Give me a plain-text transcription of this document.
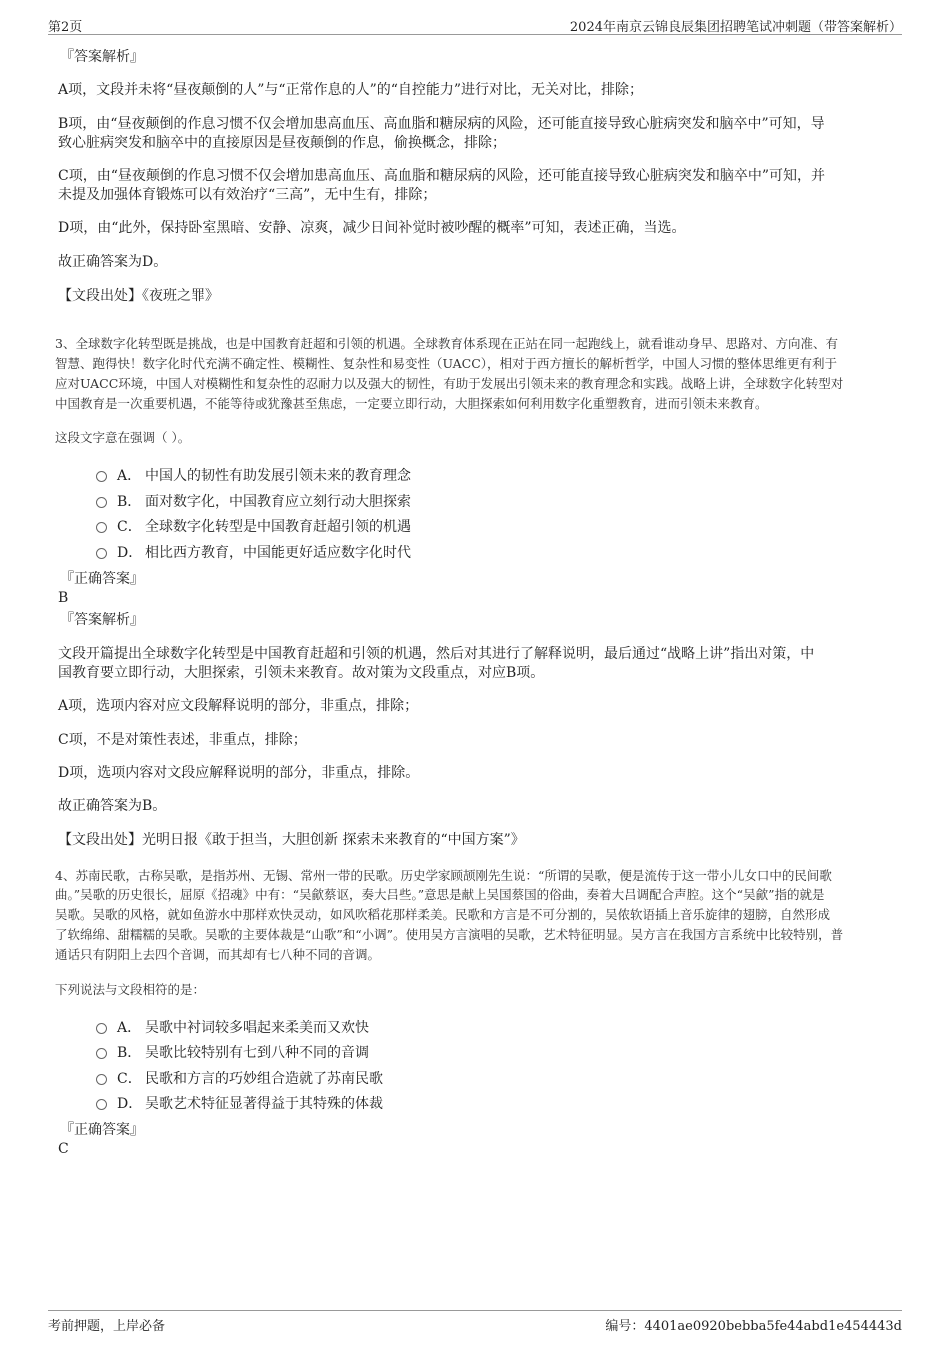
第2页	2024年南京云锦良辰集团招聘笔试冲刺题（带答案解析）
『答案解析』
A项，文段并未将“昼夜颠倒的人”与“正常作息的人”的“自控能力”进行对比，无关对比，排除；
B项，由“昼夜颠倒的作息习惯不仅会增加患高血压、高血脂和糖尿病的风险，还可能直接导致心脏病突发和脑卒中”可知，导
致心脏病突发和脑卒中的直接原因是昼夜颠倒的作息，偷换概念，排除；
C项，由“昼夜颠倒的作息习惯不仅会增加患高血压、高血脂和糖尿病的风险，还可能直接导致心脏病突发和脑卒中”可知，并
未提及加强体育锻炼可以有效治疗“三高”，无中生有，排除；
D项，由“此外，保持卧室黑暗、安静、凉爽，减少日间补觉时被吵醒的概率”可知，表述正确，当选。
故正确答案为D。
【文段出处】《夜班之罪》
3、全球数字化转型既是挑战，也是中国教育赶超和引领的机遇。全球教育体系现在正站在同一起跑线上，就看谁动身早、思路对、方向准、有
智慧、跑得快！数字化时代充满不确定性、模糊性、复杂性和易变性（UACC），相对于西方擅长的解析哲学，中国人习惯的整体思维更有利于
应对UACC环境，中国人对模糊性和复杂性的忍耐力以及强大的韧性，有助于发展出引领未来的教育理念和实践。战略上讲，全球数字化转型对
中国教育是一次重要机遇，不能等待或犹豫甚至焦虑，一定要立即行动，大胆探索如何利用数字化重塑教育，进而引领未来教育。
这段文字意在强调（ ）。
A． 中国人的韧性有助发展引领未来的教育理念
B． 面对数字化，中国教育应立刻行动大胆探索
C． 全球数字化转型是中国教育赶超引领的机遇
D． 相比西方教育，中国能更好适应数字化时代
『正确答案』
B
『答案解析』
文段开篇提出全球数字化转型是中国教育赶超和引领的机遇，然后对其进行了解释说明，最后通过“战略上讲”指出对策，中
国教育要立即行动，大胆探索，引领未来教育。故对策为文段重点，对应B项。
A项，选项内容对应文段解释说明的部分，非重点，排除；
C项，不是对策性表述，非重点，排除；
D项，选项内容对文段应解释说明的部分，非重点，排除。
故正确答案为B。
【文段出处】光明日报《敢于担当，大胆创新 探索未来教育的“中国方案”》
4、苏南民歌，古称吴歌，是指苏州、无锡、常州一带的民歌。历史学家顾颉刚先生说：“所谓的吴歌，便是流传于这一带小儿女口中的民间歌
曲。”吴歌的历史很长，屈原《招魂》中有：“吴歈蔡讴，奏大吕些。”意思是献上吴国蔡国的俗曲，奏着大吕调配合声腔。这个“吴歈”指的就是
吴歌。吴歌的风格，就如鱼游水中那样欢快灵动，如风吹稻花那样柔美。民歌和方言是不可分割的，吴侬软语插上音乐旋律的翅膀，自然形成
了软绵绵、甜糯糯的吴歌。吴歌的主要体裁是“山歌”和“小调”。使用吴方言演唱的吴歌，艺术特征明显。吴方言在我国方言系统中比较特别，普
通话只有阴阳上去四个音调，而其却有七八种不同的音调。
下列说法与文段相符的是：
A． 吴歌中衬词较多唱起来柔美而又欢快
B． 吴歌比较特别有七到八种不同的音调
C． 民歌和方言的巧妙组合造就了苏南民歌
D． 吴歌艺术特征显著得益于其特殊的体裁
『正确答案』
C
考前押题，上岸必备	编号：4401ae0920bebba5fe44abd1e454443d
